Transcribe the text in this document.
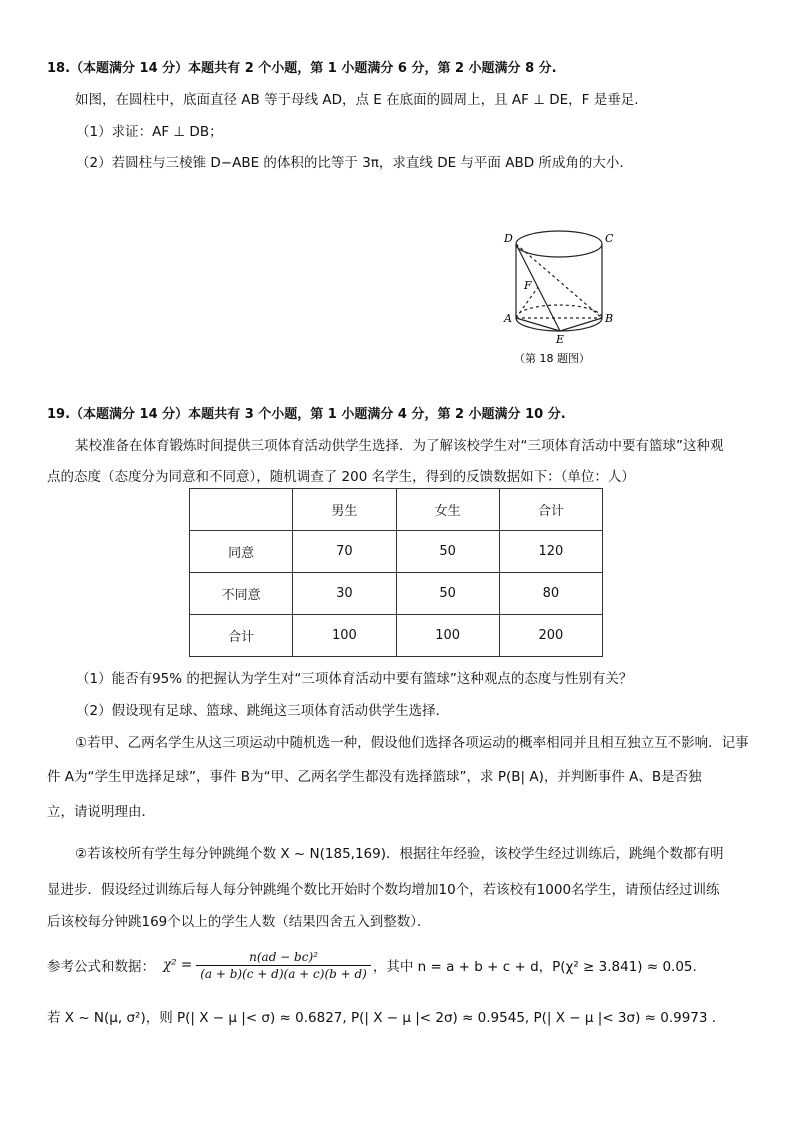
18.（本题满分 14 分）本题共有 2 个小题，第 1 小题满分 6 分，第 2 小题满分 8 分.
如图，在圆柱中，底面直径 AB 等于母线 AD，点 E 在底面的圆周上，且 AF ⊥ DE，F 是垂足.
（1）求证：AF ⊥ DB；
（2）若圆柱与三棱锥 D−ABE 的体积的比等于 3π，求直线 DE 与平面 ABD 所成角的大小.
D	C
F
A	B
E
（第 18 题图）
19.（本题满分 14 分）本题共有 3 个小题，第 1 小题满分 4 分，第 2 小题满分 10 分.
某校准备在体育锻炼时间提供三项体育活动供学生选择．为了解该校学生对“三项体育活动中要有篮球”这种观
点的态度（态度分为同意和不同意），随机调查了 200 名学生，得到的反馈数据如下：（单位：人）
	男生	女生	合计
同意	70	50	120
不同意	30	50	80
合计	100	100	200
（1）能否有95% 的把握认为学生对“三项体育活动中要有篮球”这种观点的态度与性别有关？
（2）假设现有足球、篮球、跳绳这三项体育活动供学生选择．
①若甲、乙两名学生从这三项运动中随机选一种，假设他们选择各项运动的概率相同并且相互独立互不影响．记事
件 A为“学生甲选择足球”，事件 B为“甲、乙两名学生都没有选择篮球”，求 P(B| A)，并判断事件 A、B是否独
立，请说明理由．
②若该校所有学生每分钟跳绳个数 X ~ N(185,169)．根据往年经验，该校学生经过训练后，跳绳个数都有明
显进步．假设经过训练后每人每分钟跳绳个数比开始时个数均增加10个，若该校有1000名学生，请预估经过训练
后该校每分钟跳169个以上的学生人数（结果四舍五入到整数）．
参考公式和数据： $\chi^2 = \frac{\text{n(ad − bc)²}}{(a + b)(c + d)(a + c)(b + d)}$ ，其中 n = a + b + c + d，P(χ² ≥ 3.841) ≈ 0.05.
若 X ~ N(μ, σ²)，则 P(| X − μ |< σ) ≈ 0.6827, P(| X − μ |< 2σ) ≈ 0.9545, P(| X − μ |< 3σ) ≈ 0.9973 .
